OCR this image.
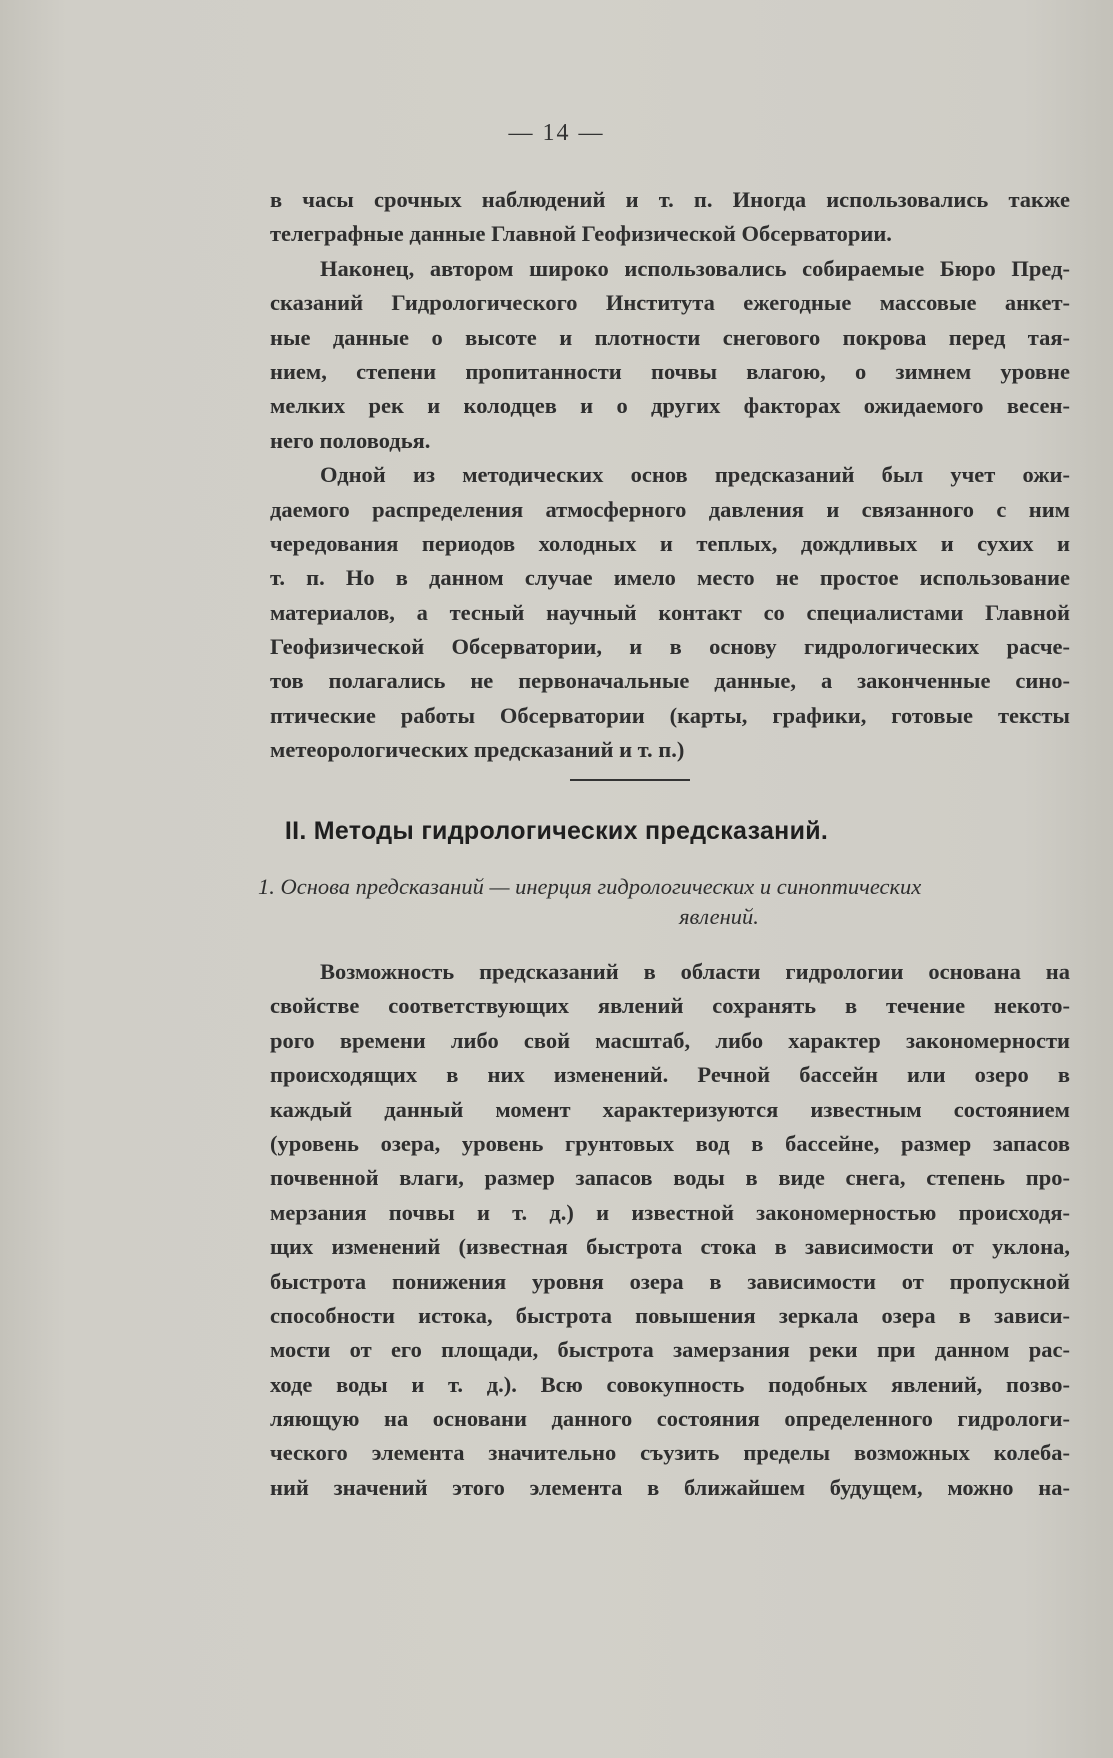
— 14 —
в часы срочных наблюдений и т. п. Иногда использовались также
телеграфные данные Главной Геофизической Обсерватории.
Наконец, автором широко использовались собираемые Бюро Пред-
сказаний Гидрологического Института ежегодные массовые анкет-
ные данные о высоте и плотности снегового покрова перед тая-
нием, степени пропитанности почвы влагою, о зимнем уровне
мелких рек и колодцев и о других факторах ожидаемого весен-
него половодья.
Одной из методических основ предсказаний был учет ожи-
даемого распределения атмосферного давления и связанного с ним
чередования периодов холодных и теплых, дождливых и сухих и
т. п. Но в данном случае имело место не простое использование
материалов, а тесный научный контакт со специалистами Главной
Геофизической Обсерватории, и в основу гидрологических расче-
тов полагались не первоначальные данные, а законченные сино-
птические работы Обсерватории (карты, графики, готовые тексты
метеорологических предсказаний и т. п.)
II. Методы гидрологических предсказаний.
1. Основа предсказаний — инерция гидрологических и синоптических
явлений.
Возможность предсказаний в области гидрологии основана на
свойстве соответствующих явлений сохранять в течение некото-
рого времени либо свой масштаб, либо характер закономерности
происходящих в них изменений. Речной бассейн или озеро в
каждый данный момент характеризуются известным состоянием
(уровень озера, уровень грунтовых вод в бассейне, размер запасов
почвенной влаги, размер запасов воды в виде снега, степень про-
мерзания почвы и т. д.) и известной закономерностью происходя-
щих изменений (известная быстрота стока в зависимости от уклона,
быстрота понижения уровня озера в зависимости от пропускной
способности истока, быстрота повышения зеркала озера в зависи-
мости от его площади, быстрота замерзания реки при данном рас-
ходе воды и т. д.). Всю совокупность подобных явлений, позво-
ляющую на основани данного состояния определенного гидрологи-
ческого элемента значительно съузить пределы возможных колеба-
ний значений этого элемента в ближайшем будущем, можно на-
